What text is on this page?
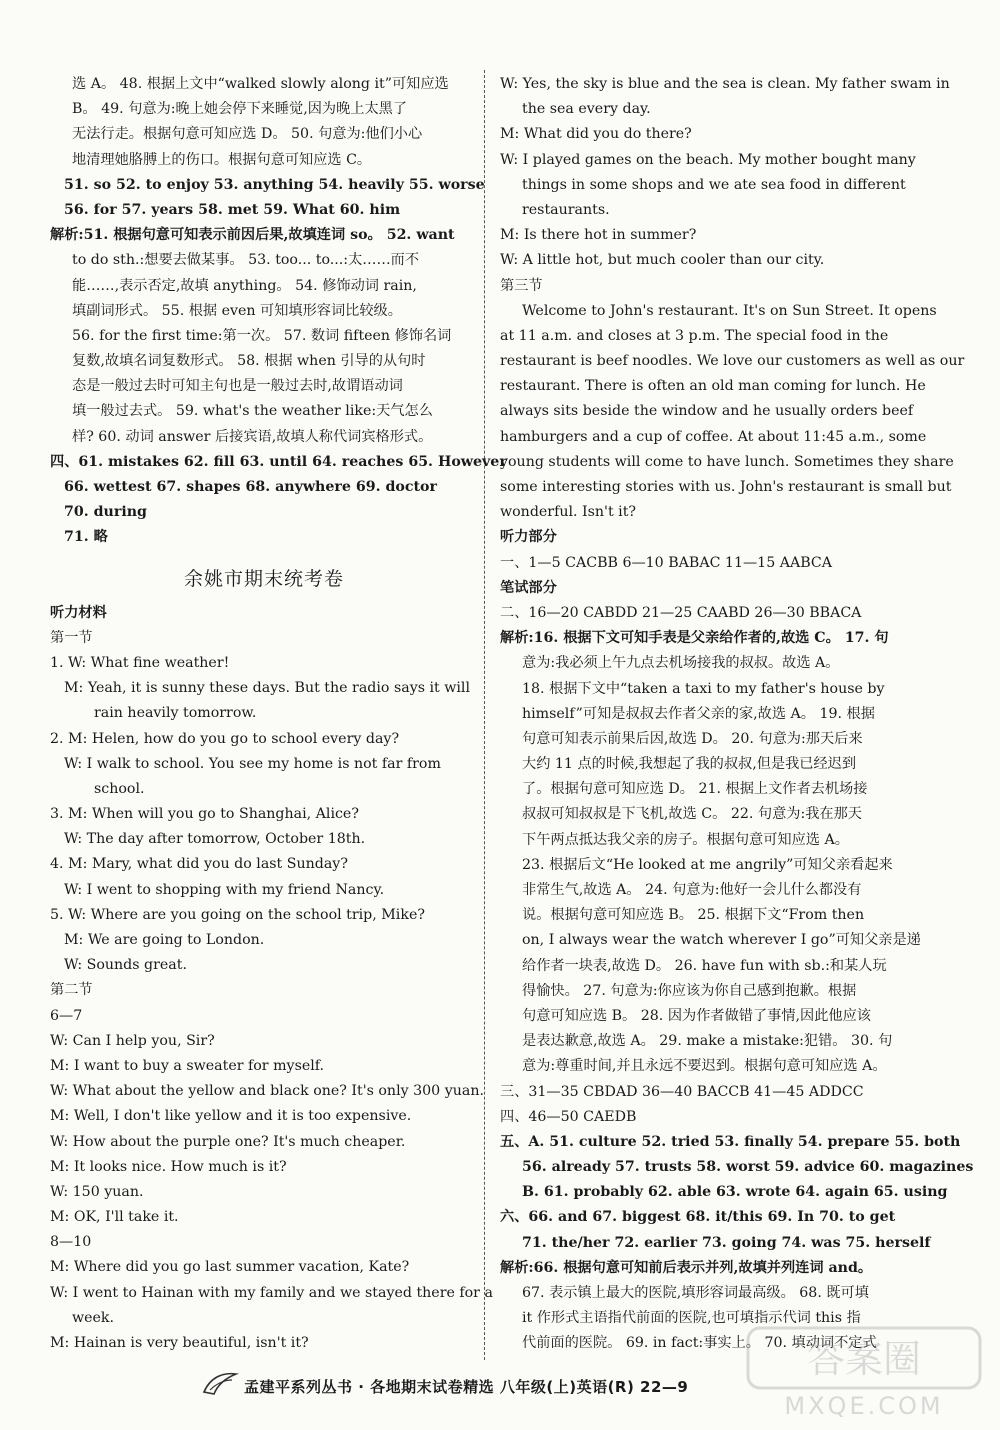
选 A。 48. 根据上文中“walked slowly along it”可知应选
B。 49. 句意为:晚上她会停下来睡觉,因为晚上太黑了
无法行走。根据句意可知应选 D。 50. 句意为:他们小心
地清理她胳膊上的伤口。根据句意可知应选 C。
51. so 52. to enjoy 53. anything 54. heavily 55. worse
56. for 57. years 58. met 59. What 60. him
解析:51. 根据句意可知表示前因后果,故填连词 so。 52. want
to do sth.:想要去做某事。 53. too... to...:太……而不
能……,表示否定,故填 anything。 54. 修饰动词 rain,
填副词形式。 55. 根据 even 可知填形容词比较级。
56. for the first time:第一次。 57. 数词 fifteen 修饰名词
复数,故填名词复数形式。 58. 根据 when 引导的从句时
态是一般过去时可知主句也是一般过去时,故谓语动词
填一般过去式。 59. what's the weather like:天气怎么
样? 60. 动词 answer 后接宾语,故填人称代词宾格形式。
四、61. mistakes 62. fill 63. until 64. reaches 65. However
66. wettest 67. shapes 68. anywhere 69. doctor
70. during
71. 略
余姚市期末统考卷
听力材料
第一节
1. W: What fine weather!
M: Yeah, it is sunny these days. But the radio says it will
rain heavily tomorrow.
2. M: Helen, how do you go to school every day?
W: I walk to school. You see my home is not far from
school.
3. M: When will you go to Shanghai, Alice?
W: The day after tomorrow, October 18th.
4. M: Mary, what did you do last Sunday?
W: I went to shopping with my friend Nancy.
5. W: Where are you going on the school trip, Mike?
M: We are going to London.
W: Sounds great.
第二节
6—7
W: Can I help you, Sir?
M: I want to buy a sweater for myself.
W: What about the yellow and black one? It's only 300 yuan.
M: Well, I don't like yellow and it is too expensive.
W: How about the purple one? It's much cheaper.
M: It looks nice. How much is it?
W: 150 yuan.
M: OK, I'll take it.
8—10
M: Where did you go last summer vacation, Kate?
W: I went to Hainan with my family and we stayed there for a
week.
M: Hainan is very beautiful, isn't it?
W: Yes, the sky is blue and the sea is clean. My father swam in
the sea every day.
M: What did you do there?
W: I played games on the beach. My mother bought many
things in some shops and we ate sea food in different
restaurants.
M: Is there hot in summer?
W: A little hot, but much cooler than our city.
第三节
Welcome to John's restaurant. It's on Sun Street. It opens
at 11 a.m. and closes at 3 p.m. The special food in the
restaurant is beef noodles. We love our customers as well as our
restaurant. There is often an old man coming for lunch. He
always sits beside the window and he usually orders beef
hamburgers and a cup of coffee. At about 11:45 a.m., some
young students will come to have lunch. Sometimes they share
some interesting stories with us. John's restaurant is small but
wonderful. Isn't it?
听力部分
一、1—5 CACBB 6—10 BABAC 11—15 AABCA
笔试部分
二、16—20 CABDD 21—25 CAABD 26—30 BBACA
解析:16. 根据下文可知手表是父亲给作者的,故选 C。 17. 句
意为:我必须上午九点去机场接我的叔叔。故选 A。
18. 根据下文中“taken a taxi to my father's house by
himself”可知是叔叔去作者父亲的家,故选 A。 19. 根据
句意可知表示前果后因,故选 D。 20. 句意为:那天后来
大约 11 点的时候,我想起了我的叔叔,但是我已经迟到
了。根据句意可知应选 D。 21. 根据上文作者去机场接
叔叔可知叔叔是下飞机,故选 C。 22. 句意为:我在那天
下午两点抵达我父亲的房子。根据句意可知应选 A。
23. 根据后文“He looked at me angrily”可知父亲看起来
非常生气,故选 A。 24. 句意为:他好一会儿什么都没有
说。根据句意可知应选 B。 25. 根据下文“From then
on, I always wear the watch wherever I go”可知父亲是递
给作者一块表,故选 D。 26. have fun with sb.:和某人玩
得愉快。 27. 句意为:你应该为你自己感到抱歉。根据
句意可知应选 B。 28. 因为作者做错了事情,因此他应该
是表达歉意,故选 A。 29. make a mistake:犯错。 30. 句
意为:尊重时间,并且永远不要迟到。根据句意可知应选 A。
三、31—35 CBDAD 36—40 BACCB 41—45 ADDCC
四、46—50 CAEDB
五、A. 51. culture 52. tried 53. finally 54. prepare 55. both
56. already 57. trusts 58. worst 59. advice 60. magazines
B. 61. probably 62. able 63. wrote 64. again 65. using
六、66. and 67. biggest 68. it/this 69. In 70. to get
71. the/her 72. earlier 73. going 74. was 75. herself
解析:66. 根据句意可知前后表示并列,故填并列连词 and。
67. 表示镇上最大的医院,填形容词最高级。 68. 既可填
it 作形式主语指代前面的医院,也可填指示代词 this 指
代前面的医院。 69. in fact:事实上。 70. 填动词不定式
孟建平系列丛书 · 各地期末试卷精选 八年级(上)英语(R) 22—9
答案圈
MXQE.COM
